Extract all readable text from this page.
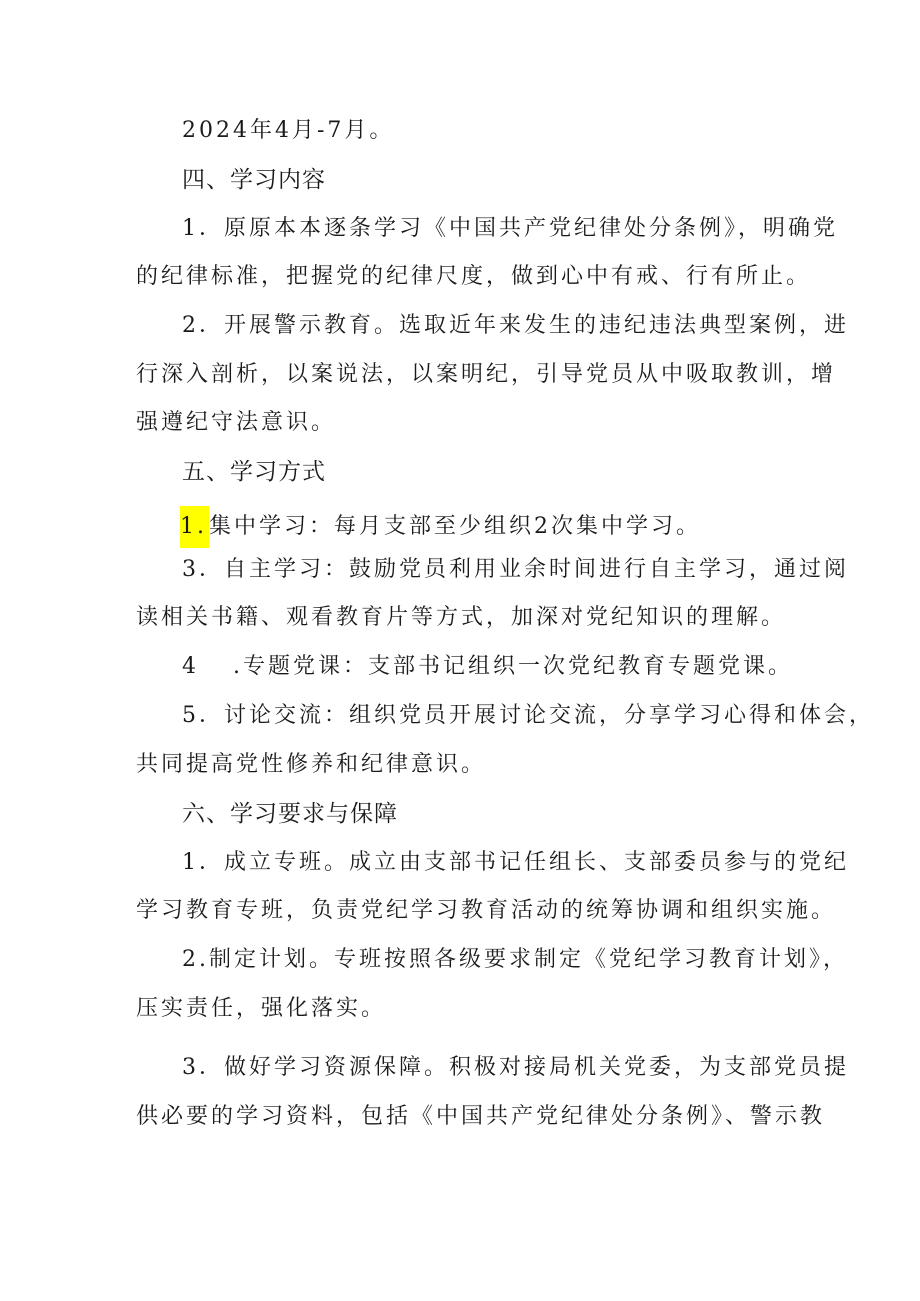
2024年4月-7月。
四、学习内容
1．原原本本逐条学习《中国共产党纪律处分条例》，明确党
的纪律标准，把握党的纪律尺度，做到心中有戒、行有所止。
2．开展警示教育。选取近年来发生的违纪违法典型案例，进
行深入剖析，以案说法，以案明纪，引导党员从中吸取教训，增
强遵纪守法意识。
五、学习方式
1.集中学习：每月支部至少组织2次集中学习。
3．自主学习：鼓励党员利用业余时间进行自主学习，通过阅
读相关书籍、观看教育片等方式，加深对党纪知识的理解。
4 .专题党课：支部书记组织一次党纪教育专题党课。
5．讨论交流：组织党员开展讨论交流，分享学习心得和体会，
共同提高党性修养和纪律意识。
六、学习要求与保障
1．成立专班。成立由支部书记任组长、支部委员参与的党纪
学习教育专班，负责党纪学习教育活动的统筹协调和组织实施。
2.制定计划。专班按照各级要求制定《党纪学习教育计划》，
压实责任，强化落实。
3．做好学习资源保障。积极对接局机关党委，为支部党员提
供必要的学习资料，包括《中国共产党纪律处分条例》、警示教
